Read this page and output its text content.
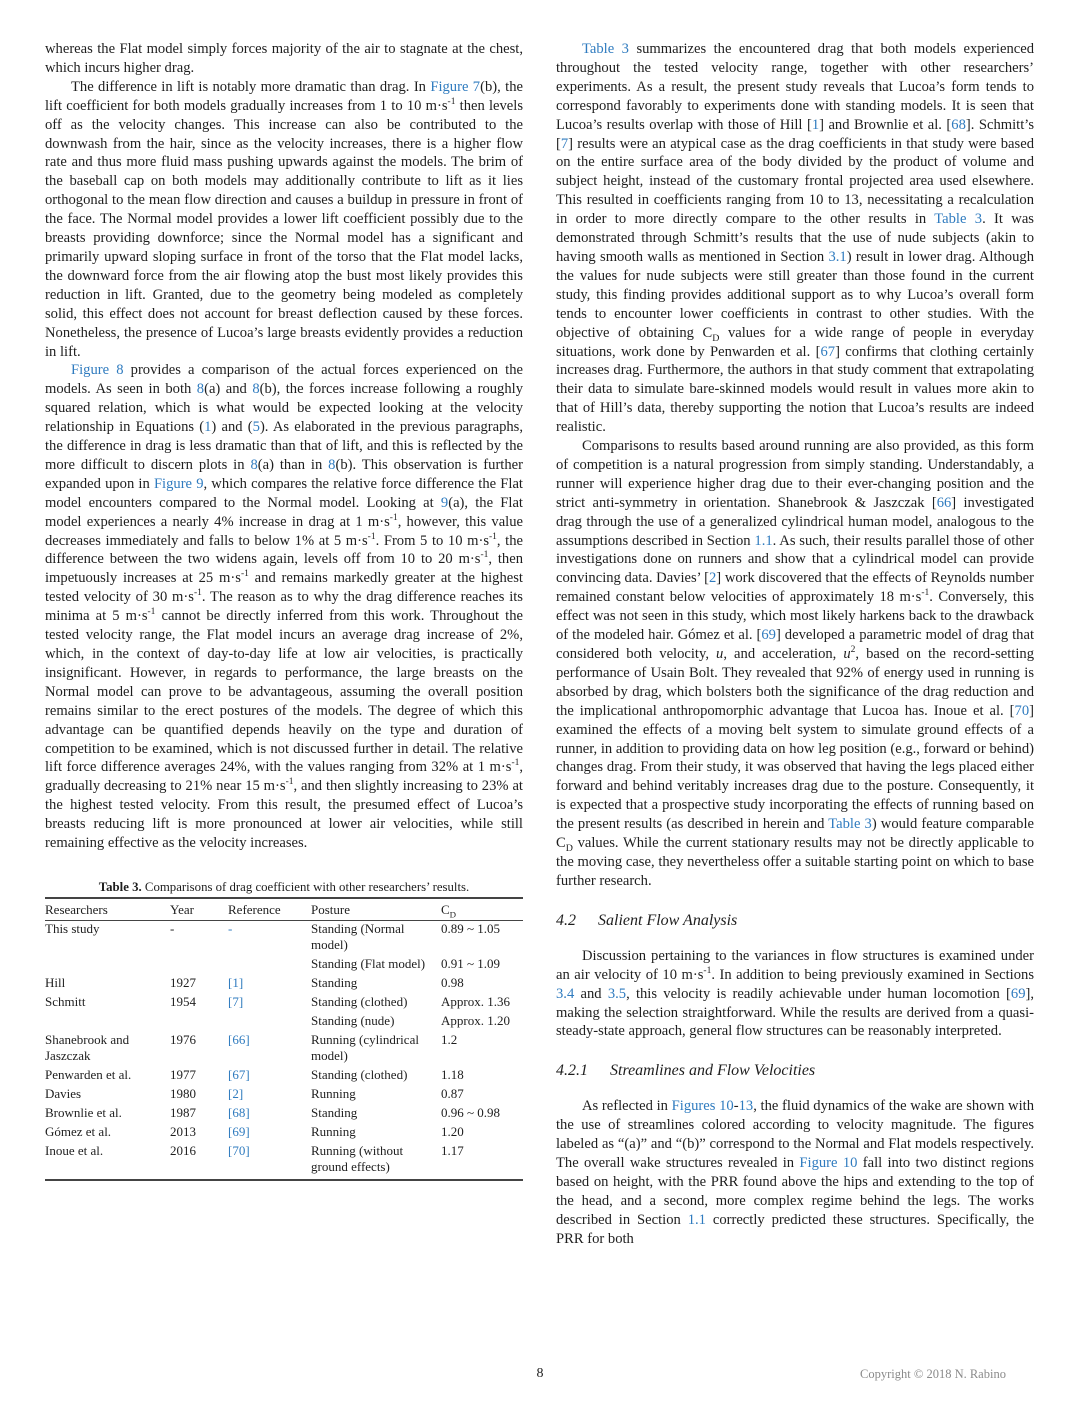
whereas the Flat model simply forces majority of the air to stagnate at the chest, which incurs higher drag.

The difference in lift is notably more dramatic than drag. In Figure 7(b), the lift coefficient for both models gradually increases from 1 to 10 $m\cdot s^{-1}$ then levels off as the velocity changes. This increase can also be contributed to the downwash from the hair, since as the velocity increases, there is a higher flow rate and thus more fluid mass pushing upwards against the models. The brim of the baseball cap on both models may additionally contribute to lift as it lies orthogonal to the mean flow direction and causes a buildup in pressure in front of the face. The Normal model provides a lower lift coefficient possibly due to the breasts providing downforce; since the Normal model has a significant and primarily upward sloping surface in front of the torso that the Flat model lacks, the downward force from the air flowing atop the bust most likely provides this reduction in lift. Granted, due to the geometry being modeled as completely solid, this effect does not account for breast deflection caused by these forces. Nonetheless, the presence of Lucoa’s large breasts evidently provides a reduction in lift.

Figure 8 provides a comparison of the actual forces experienced on the models. As seen in both 8(a) and 8(b), the forces increase following a roughly squared relation, which is what would be expected looking at the velocity relationship in Equations (1) and (5). As elaborated in the previous paragraphs, the difference in drag is less dramatic than that of lift, and this is reflected by the more difficult to discern plots in 8(a) than in 8(b). This observation is further expanded upon in Figure 9, which compares the relative force difference the Flat model encounters compared to the Normal model. Looking at 9(a), the Flat model experiences a nearly 4% increase in drag at 1 $m\cdot s^{-1}$, however, this value decreases immediately and falls to below 1% at 5 $m\cdot s^{-1}$. From 5 to 10 $m\cdot s^{-1}$, the difference between the two widens again, levels off from 10 to 20 $m\cdot s^{-1}$, then impetuously increases at 25 $m\cdot s^{-1}$ and remains markedly greater at the highest tested velocity of 30 $m\cdot s^{-1}$. The reason as to why the drag difference reaches its minima at 5 $m\cdot s^{-1}$ cannot be directly inferred from this work. Throughout the tested velocity range, the Flat model incurs an average drag increase of 2%, which, in the context of day-to-day life at low air velocities, is practically insignificant. However, in regards to performance, the large breasts on the Normal model can prove to be advantageous, assuming the overall position remains similar to the erect postures of the models. The degree of which this advantage can be quantified depends heavily on the type and duration of competition to be examined, which is not discussed further in detail. The relative lift force difference averages 24%, with the values ranging from 32% at 1 $m\cdot s^{-1}$, gradually decreasing to 21% near 15 $m\cdot s^{-1}$, and then slightly increasing to 23% at the highest tested velocity. From this result, the presumed effect of Lucoa’s breasts reducing lift is more pronounced at lower air velocities, while still remaining effective as the velocity increases.

Table 3. Comparisons of drag coefficient with other researchers’ results.
Researchers	Year	Reference	Posture	$C_D$
This study	-	-	Standing (Normal model)	0.89 ~ 1.05
			Standing (Flat model)	0.91 ~ 1.09
Hill	1927	[1]	Standing	0.98
Schmitt	1954	[7]	Standing (clothed)	Approx. 1.36
			Standing (nude)	Approx. 1.20
Shanebrook and Jaszczak	1976	[66]	Running (cylindrical model)	1.2
Penwarden et al.	1977	[67]	Standing (clothed)	1.18
Davies	1980	[2]	Running	0.87
Brownlie et al.	1987	[68]	Standing	0.96 ~ 0.98
Gómez et al.	2013	[69]	Running	1.20
Inoue et al.	2016	[70]	Running (without ground effects)	1.17

Table 3 summarizes the encountered drag that both models experienced throughout the tested velocity range, together with other researchers’ experiments. As a result, the present study reveals that Lucoa’s form tends to correspond favorably to experiments done with standing models. It is seen that Lucoa’s results overlap with those of Hill [1] and Brownlie et al. [68]. Schmitt’s [7] results were an atypical case as the drag coefficients in that study were based on the entire surface area of the body divided by the product of volume and subject height, instead of the customary frontal projected area used elsewhere. This resulted in coefficients ranging from 10 to 13, necessitating a recalculation in order to more directly compare to the other results in Table 3. It was demonstrated through Schmitt’s results that the use of nude subjects (akin to having smooth walls as mentioned in Section 3.1) result in lower drag. Although the values for nude subjects were still greater than those found in the current study, this finding provides additional support as to why Lucoa’s overall form tends to encounter lower coefficients in contrast to other studies. With the objective of obtaining $C_D$ values for a wide range of people in everyday situations, work done by Penwarden et al. [67] confirms that clothing certainly increases drag. Furthermore, the authors in that study comment that extrapolating their data to simulate bare-skinned models would result in values more akin to that of Hill’s data, thereby supporting the notion that Lucoa’s results are indeed realistic.

Comparisons to results based around running are also provided, as this form of competition is a natural progression from simply standing. Understandably, a runner will experience higher drag due to their ever-changing position and the strict anti-symmetry in orientation. Shanebrook & Jaszczak [66] investigated drag through the use of a generalized cylindrical human model, analogous to the assumptions described in Section 1.1. As such, their results parallel those of other investigations done on runners and show that a cylindrical model can provide convincing data. Davies’ [2] work discovered that the effects of Reynolds number remained constant below velocities of approximately 18 $m\cdot s^{-1}$. Conversely, this effect was not seen in this study, which most likely harkens back to the drawback of the modeled hair. Gómez et al. [69] developed a parametric model of drag that considered both velocity, u, and acceleration, $u^2$, based on the record-setting performance of Usain Bolt. They revealed that 92% of energy used in running is absorbed by drag, which bolsters both the significance of the drag reduction and the implicational anthropomorphic advantage that Lucoa has. Inoue et al. [70] examined the effects of a moving belt system to simulate ground effects of a runner, in addition to providing data on how leg position (e.g., forward or behind) changes drag. From their study, it was observed that having the legs placed either forward and behind veritably increases drag due to the posture. Consequently, it is expected that a prospective study incorporating the effects of running based on the present results (as described in herein and Table 3) would feature comparable $C_D$ values. While the current stationary results may not be directly applicable to the moving case, they nevertheless offer a suitable starting point on which to base further research.

4.2 Salient Flow Analysis

Discussion pertaining to the variances in flow structures is examined under an air velocity of 10 $m\cdot s^{-1}$. In addition to being previously examined in Sections 3.4 and 3.5, this velocity is readily achievable under human locomotion [69], making the selection straightforward. While the results are derived from a quasi-steady-state approach, general flow structures can be reasonably interpreted.

4.2.1 Streamlines and Flow Velocities

As reflected in Figures 10-13, the fluid dynamics of the wake are shown with the use of streamlines colored according to velocity magnitude. The figures labeled as “(a)” and “(b)” correspond to the Normal and Flat models respectively. The overall wake structures revealed in Figure 10 fall into two distinct regions based on height, with the PRR found above the hips and extending to the top of the head, and a second, more complex regime behind the legs. The works described in Section 1.1 correctly predicted these structures. Specifically, the PRR for both

8	Copyright © 2018 N. Rabino
